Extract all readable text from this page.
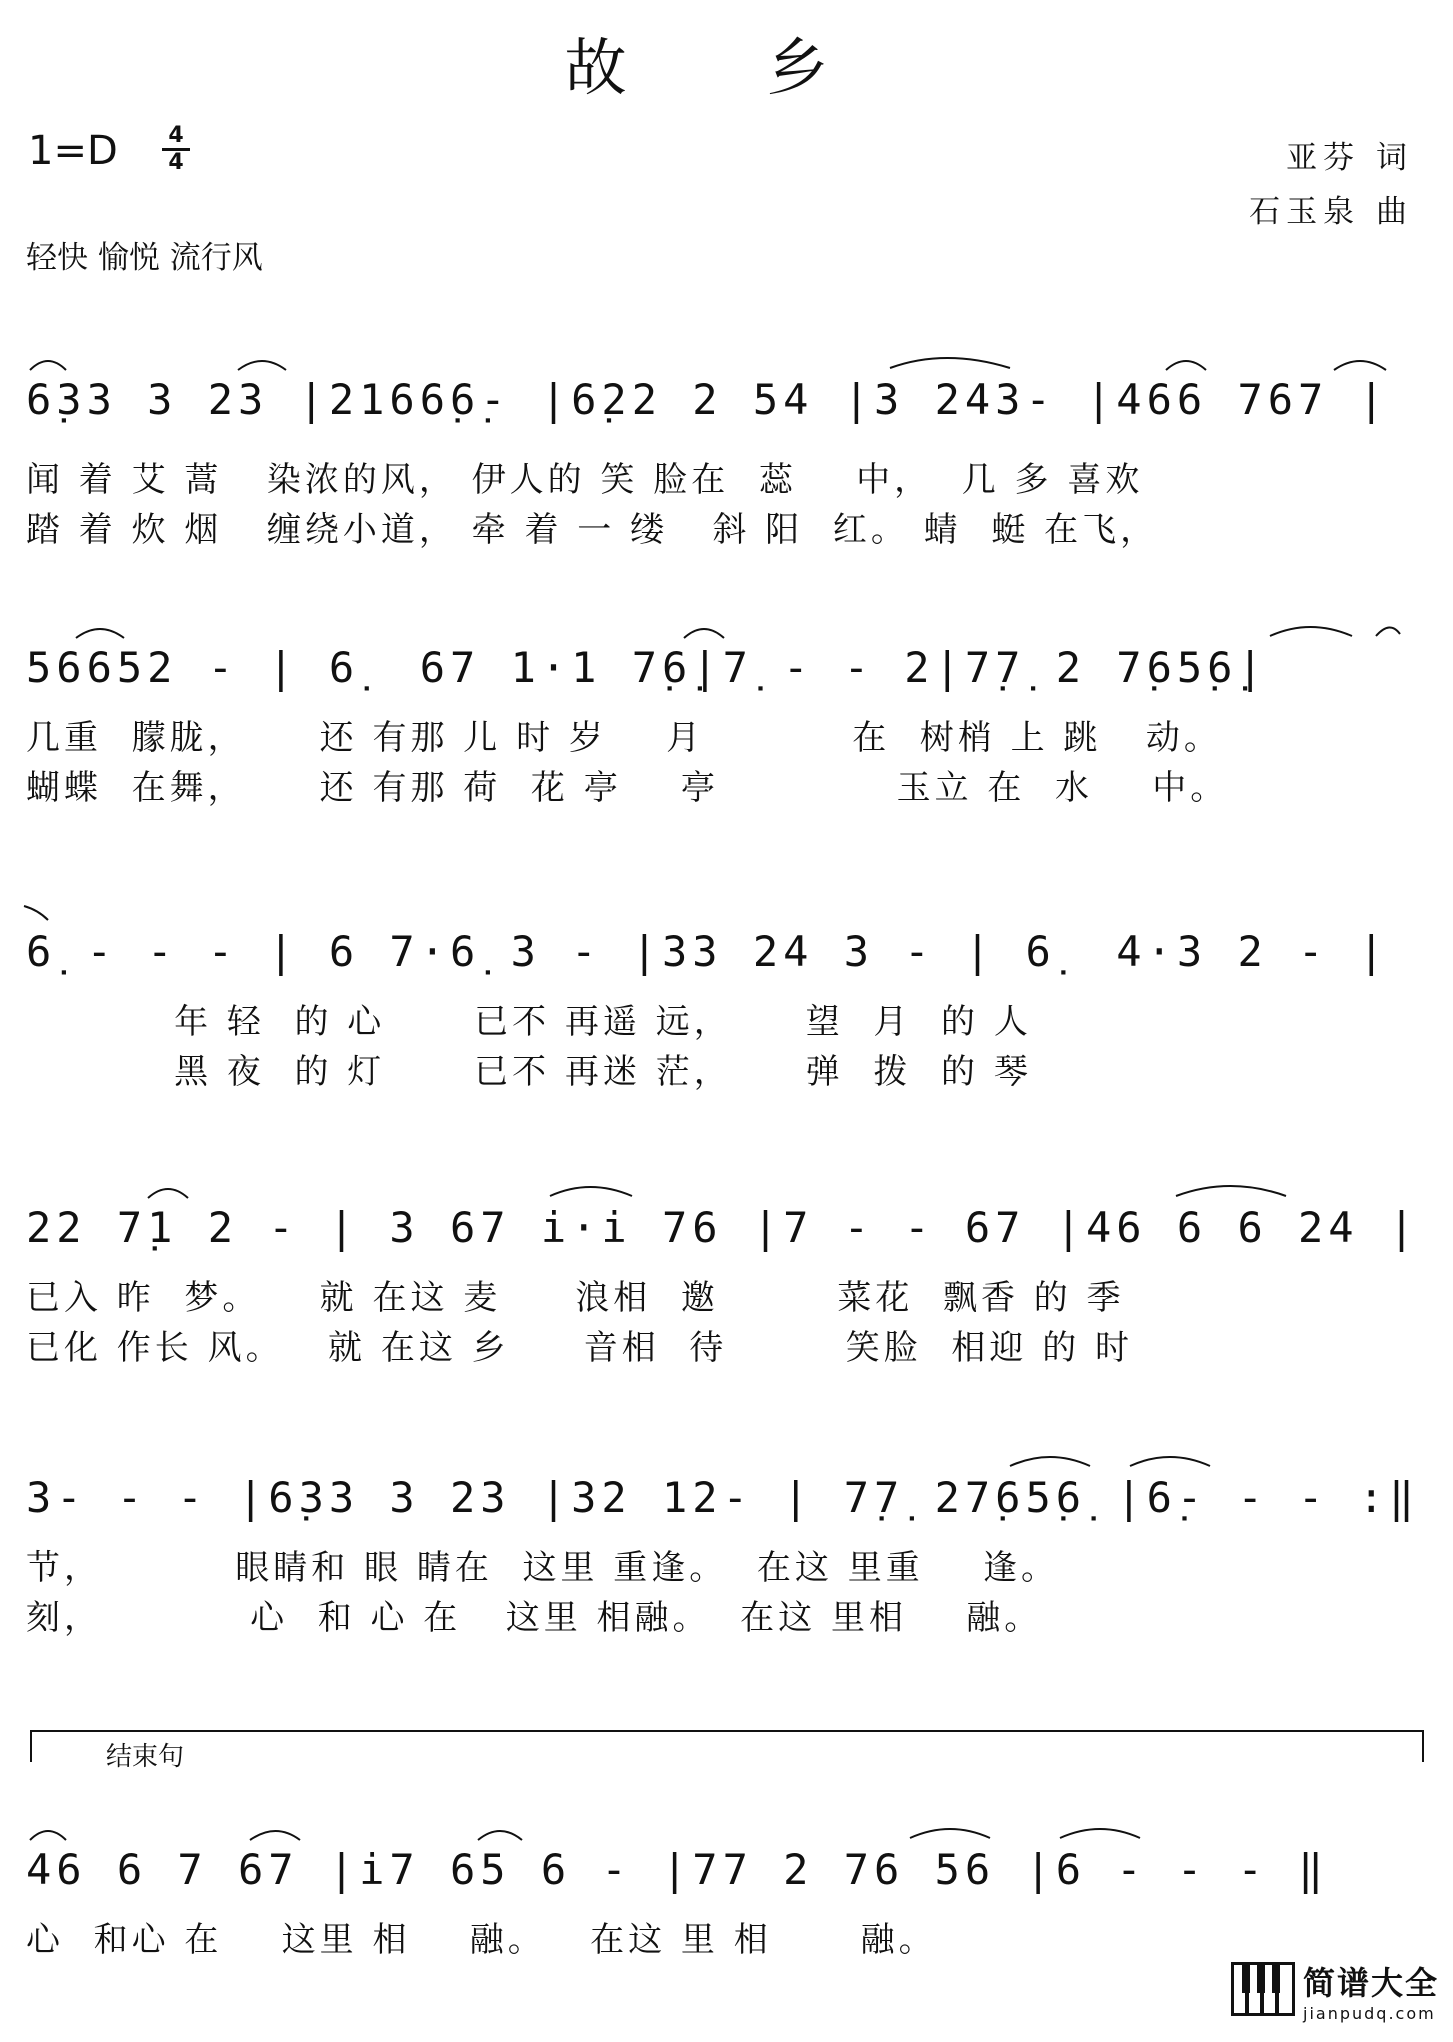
故 乡
1=D 4
4	亚芬 词
石玉泉 曲
轻快 愉悦 流行风
6̣33 3 23 |2166̣6̣- |6̣22 2 54 |3 243- |466 767 |
闻 着 艾 蒿   染浓的风， 伊人的 笑 脸在  蕊    中，  几 多 喜欢
踏 着 炊 烟   缠绕小道， 牵 着 一 缕   斜 阳  红。 蜻  蜓 在飞，
56652 - | 6̣  67 1·1 7̣6̣|7̣ - - 2|7̣7̣ 2 7̣65̣6̣|
几重  朦胧，     还 有那 儿 时 岁    月          在  树梢 上 跳   动。
蝴蝶  在舞，     还 有那 荷  花 亭    亭            玉立 在  水    中。
6̣ - - - | 6 7·6̣ 3 - |33 24 3 - | 6̣  4·3 2 - |
年 轻  的 心      已不 再遥 远，     望  月  的 人
黑 夜  的 灯      已不 再迷 茫，     弹  拨  的 琴
22 7̣1 2 - | 3 67 i·i 76 |7 - - 67 |46 6 6 24 |
已入 昨  梦。    就 在这 麦     浪相  邀        菜花  飘香 的 季
已化 作长 风。   就 在这 乡     音相  待        笑脸  相迎 的 时
3- - - |6̣33 3 23 |32 12- | 7̣7̣ 27̣65̣6̣ |6̣- - - :‖
节，         眼睛和 眼 睛在  这里 重逢。  在这 里重    逢。
刻，          心  和 心 在   这里 相融。  在这 里相    融。
结束句
46 6 7 67 |i7 65 6 - |77 2 76 56 |6 - - - ‖
心  和心 在    这里 相    融。   在这 里 相      融。
简谱大全
jianpudq.com
